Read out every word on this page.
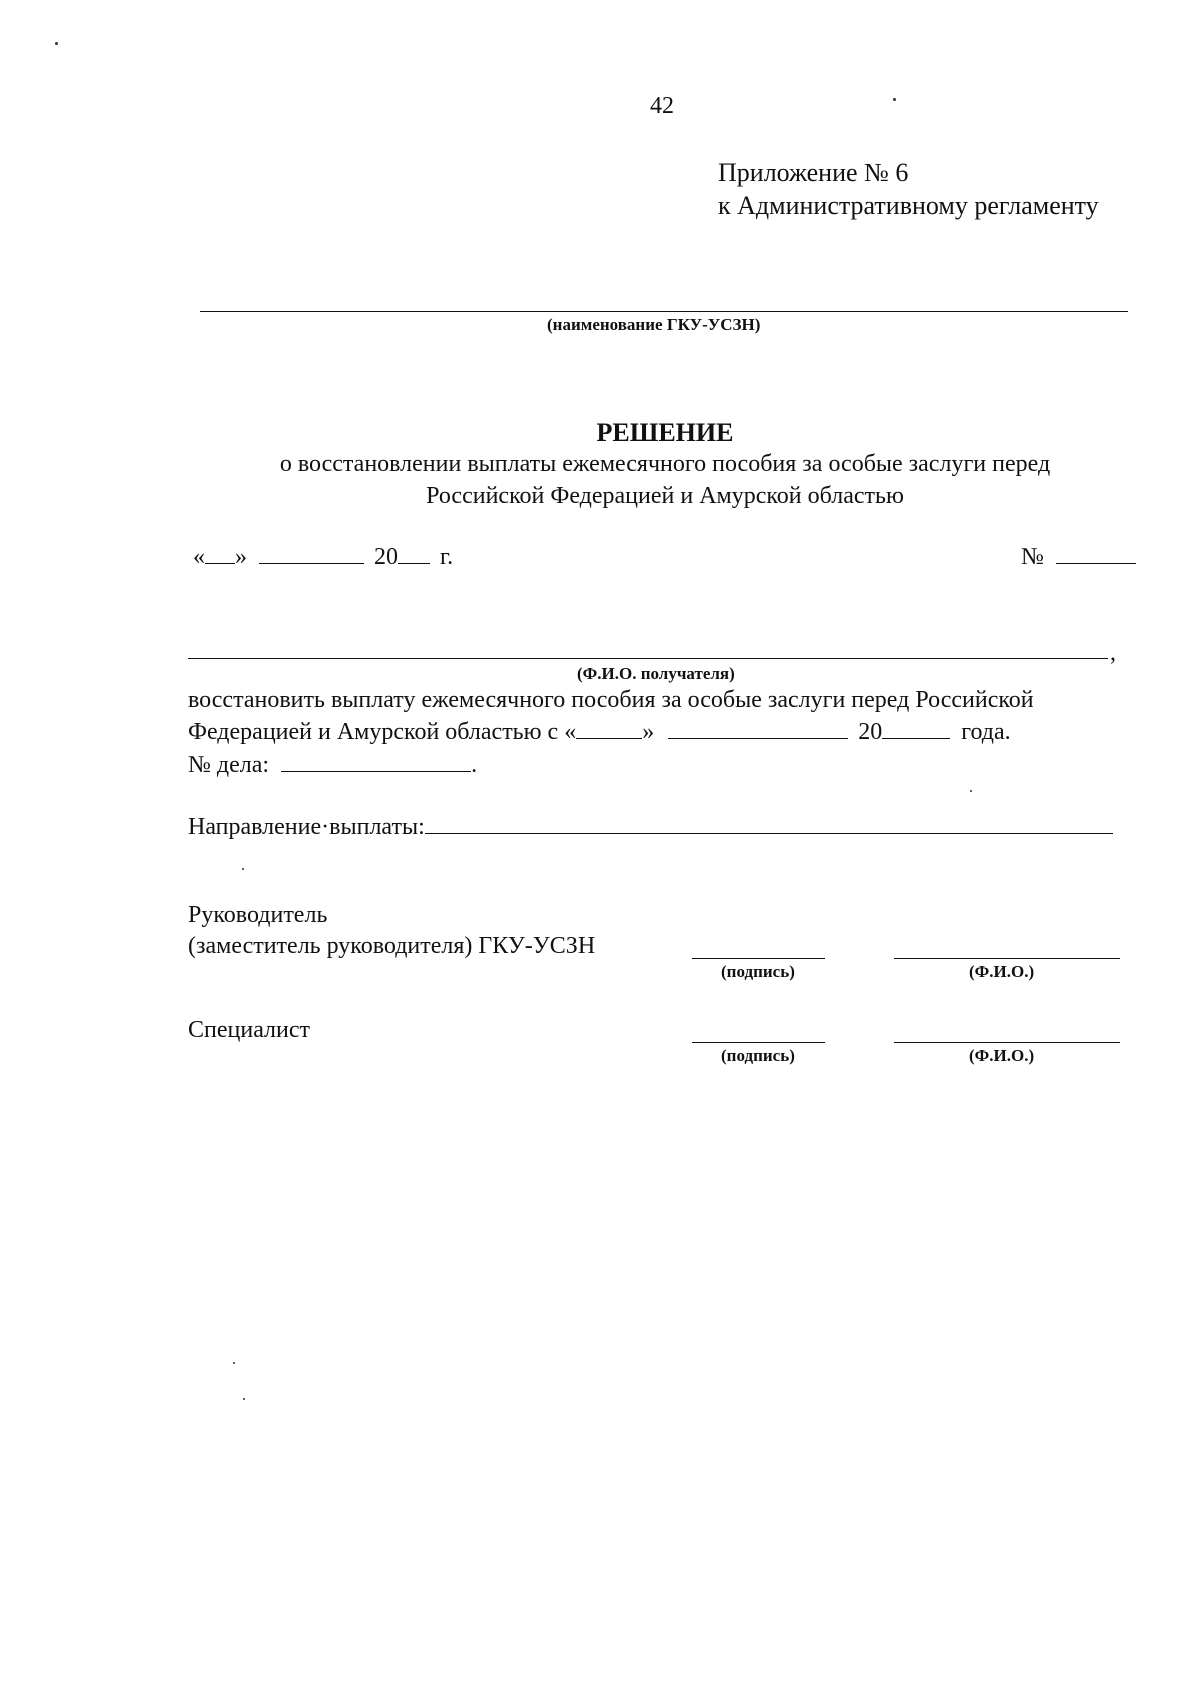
42
Приложение № 6
к Административному регламенту
(наименование ГКУ-УСЗН)
РЕШЕНИЕ
о восстановлении выплаты ежемесячного пособия за особые заслуги перед
Российской Федерацией и Амурской областью
« »	20 г.	№
,
(Ф.И.О. получателя)
восстановить выплату ежемесячного пособия за особые заслуги перед Российской
Федерацией и Амурской областью с «	»	20	года.
№ дела:	.
Направление·выплаты:
Руководитель
(заместитель руководителя) ГКУ-УСЗН
(подпись)	(Ф.И.О.)
Специалист
(подпись)	(Ф.И.О.)
